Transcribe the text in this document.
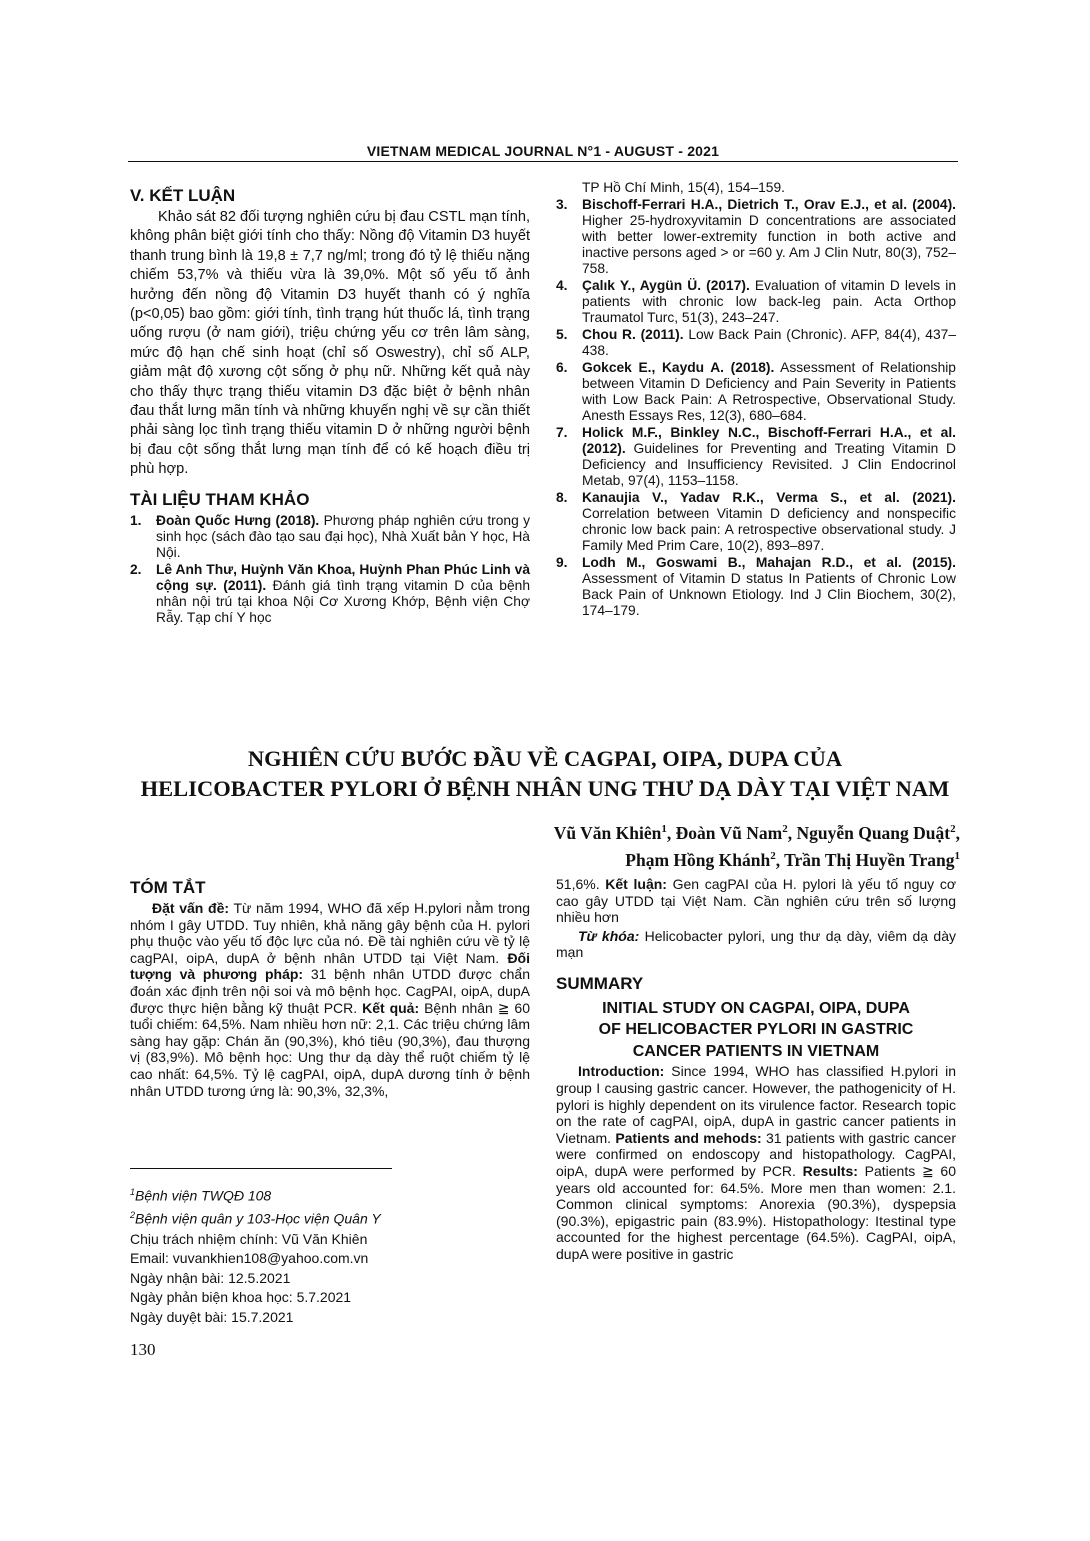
VIETNAM MEDICAL JOURNAL N°1 - AUGUST - 2021
V. KẾT LUẬN

Khảo sát 82 đối tượng nghiên cứu bị đau CSTL mạn tính, không phân biệt giới tính cho thấy: Nồng độ Vitamin D3 huyết thanh trung bình là 19,8 ± 7,7 ng/ml; trong đó tỷ lệ thiếu nặng chiếm 53,7% và thiếu vừa là 39,0%. Một số yếu tố ảnh hưởng đến nồng độ Vitamin D3 huyết thanh có ý nghĩa (p<0,05) bao gồm: giới tính, tình trạng hút thuốc lá, tình trạng uống rượu (ở nam giới), triệu chứng yếu cơ trên lâm sàng, mức độ hạn chế sinh hoạt (chỉ số Oswestry), chỉ số ALP, giảm mật độ xương cột sống ở phụ nữ. Những kết quả này cho thấy thực trạng thiếu vitamin D3 đặc biệt ở bệnh nhân đau thắt lưng mãn tính và những khuyến nghị về sự cần thiết phải sàng lọc tình trạng thiếu vitamin D ở những người bệnh bị đau cột sống thắt lưng mạn tính để có kế hoạch điều trị phù hợp.

TÀI LIỆU THAM KHẢO
1.	Đoàn Quốc Hưng (2018). Phương pháp nghiên cứu trong y sinh học (sách đào tạo sau đại học), Nhà Xuất bản Y học, Hà Nội.

2.	Lê Anh Thư, Huỳnh Văn Khoa, Huỳnh Phan Phúc Linh và cộng sự. (2011). Đánh giá tình trạng vitamin D của bệnh nhân nội trú tại khoa Nội Cơ Xương Khớp, Bệnh viện Chợ Rẫy. Tạp chí Y học

TP Hồ Chí Minh, 15(4), 154–159.

3.	Bischoff-Ferrari H.A., Dietrich T., Orav E.J., et al. (2004). Higher 25-hydroxyvitamin D concentrations are associated with better lower-extremity function in both active and inactive persons aged > or =60 y. Am J Clin Nutr, 80(3), 752–758.

4.	Çalık Y., Aygün Ü. (2017). Evaluation of vitamin D levels in patients with chronic low back-leg pain. Acta Orthop Traumatol Turc, 51(3), 243–247.

5.	Chou R. (2011). Low Back Pain (Chronic). AFP, 84(4), 437–438.

6.	Gokcek E., Kaydu A. (2018). Assessment of Relationship between Vitamin D Deficiency and Pain Severity in Patients with Low Back Pain: A Retrospective, Observational Study. Anesth Essays Res, 12(3), 680–684.

7.	Holick M.F., Binkley N.C., Bischoff-Ferrari H.A., et al. (2012). Guidelines for Preventing and Treating Vitamin D Deficiency and Insufficiency Revisited. J Clin Endocrinol Metab, 97(4), 1153–1158.

8.	Kanaujia V., Yadav R.K., Verma S., et al. (2021). Correlation between Vitamin D deficiency and nonspecific chronic low back pain: A retrospective observational study. J Family Med Prim Care, 10(2), 893–897.

9.	Lodh M., Goswami B., Mahajan R.D., et al. (2015). Assessment of Vitamin D status In Patients of Chronic Low Back Pain of Unknown Etiology. Ind J Clin Biochem, 30(2), 174–179.

NGHIÊN CỨU BƯỚC ĐẦU VỀ CAGPAI, OIPA, DUPA CỦA
HELICOBACTER PYLORI Ở BỆNH NHÂN UNG THƯ DẠ DÀY TẠI VIỆT NAM
Vũ Văn Khiên$^1$, Đoàn Vũ Nam$^2$, Nguyễn Quang Duật$^2$,
Phạm Hồng Khánh$^2$, Trần Thị Huyền Trang$^1$
TÓM TẮT

Đặt vấn đề: Từ năm 1994, WHO đã xếp H.pylori nằm trong nhóm I gây UTDD. Tuy nhiên, khả năng gây bệnh của H. pylori phụ thuộc vào yếu tố độc lực của nó. Đề tài nghiên cứu về tỷ lệ cagPAI, oipA, dupA ở bệnh nhân UTDD tại Việt Nam. Đối tượng và phương pháp: 31 bệnh nhân UTDD được chẩn đoán xác định trên nội soi và mô bệnh học. CagPAI, oipA, dupA được thực hiện bằng kỹ thuật PCR. Kết quả: Bệnh nhân ≧ 60 tuổi chiếm: 64,5%. Nam nhiều hơn nữ: 2,1. Các triệu chứng lâm sàng hay gặp: Chán ăn (90,3%), khó tiêu (90,3%), đau thượng vị (83,9%). Mô bệnh học: Ung thư dạ dày thể ruột chiếm tỷ lệ cao nhất: 64,5%. Tỷ lệ cagPAI, oipA, dupA dương tính ở bệnh nhân UTDD tương ứng là: 90,3%, 32,3%,

51,6%. Kết luận: Gen cagPAI của H. pylori là yếu tố nguy cơ cao gây UTDD tại Việt Nam. Cần nghiên cứu trên số lượng nhiều hơn

Từ khóa: Helicobacter pylori, ung thư dạ dày, viêm dạ dày mạn

SUMMARY

INITIAL STUDY ON CAGPAI, OIPA, DUPA

OF HELICOBACTER PYLORI IN GASTRIC

CANCER PATIENTS IN VIETNAM

Introduction: Since 1994, WHO has classified H.pylori in group I causing gastric cancer. However, the pathogenicity of H. pylori is highly dependent on its virulence factor. Research topic on the rate of cagPAI, oipA, dupA in gastric cancer patients in Vietnam. Patients and mehods: 31 patients with gastric cancer were confirmed on endoscopy and histopathology. CagPAI, oipA, dupA were performed by PCR. Results: Patients ≧ 60 years old accounted for: 64.5%. More men than women: 2.1. Common clinical symptoms: Anorexia (90.3%), dyspepsia (90.3%), epigastric pain (83.9%). Histopathology: Itestinal type accounted for the highest percentage (64.5%). CagPAI, oipA, dupA were positive in gastric

$^1$Bệnh viện TWQĐ 108
$^2$Bệnh viện quân y 103-Học viện Quân Y
Chịu trách nhiệm chính: Vũ Văn Khiên
Email: vuvankhien108@yahoo.com.vn
Ngày nhận bài: 12.5.2021
Ngày phản biện khoa học: 5.7.2021
Ngày duyệt bài: 15.7.2021
130
